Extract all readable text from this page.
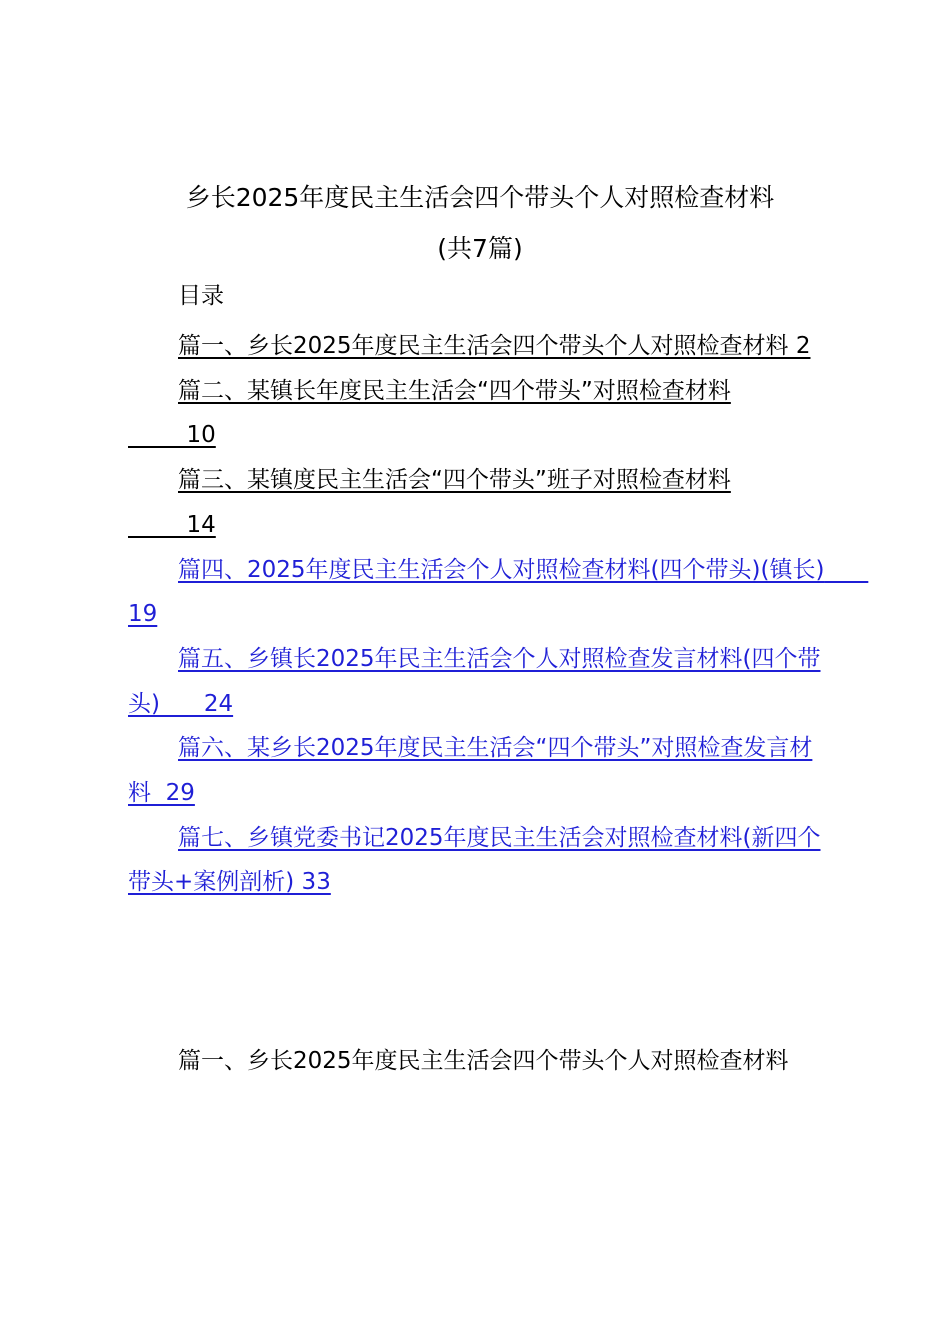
乡长2025年度民主生活会四个带头个人对照检查材料
(共7篇)
目录
篇一、乡长2025年度民主生活会四个带头个人对照检查材料 2
篇二、某镇长年度民主生活会“四个带头”对照检查材料
10
篇三、某镇度民主生活会“四个带头”班子对照检查材料
14
篇四、2025年度民主生活会个人对照检查材料(四个带头)(镇长)      19
篇五、乡镇长2025年民主生活会个人对照检查发言材料(四个带头)      24
篇六、某乡长2025年度民主生活会“四个带头”对照检查发言材料  29
篇七、乡镇党委书记2025年度民主生活会对照检查材料(新四个带头+案例剖析) 33
篇一、乡长2025年度民主生活会四个带头个人对照检查材料
